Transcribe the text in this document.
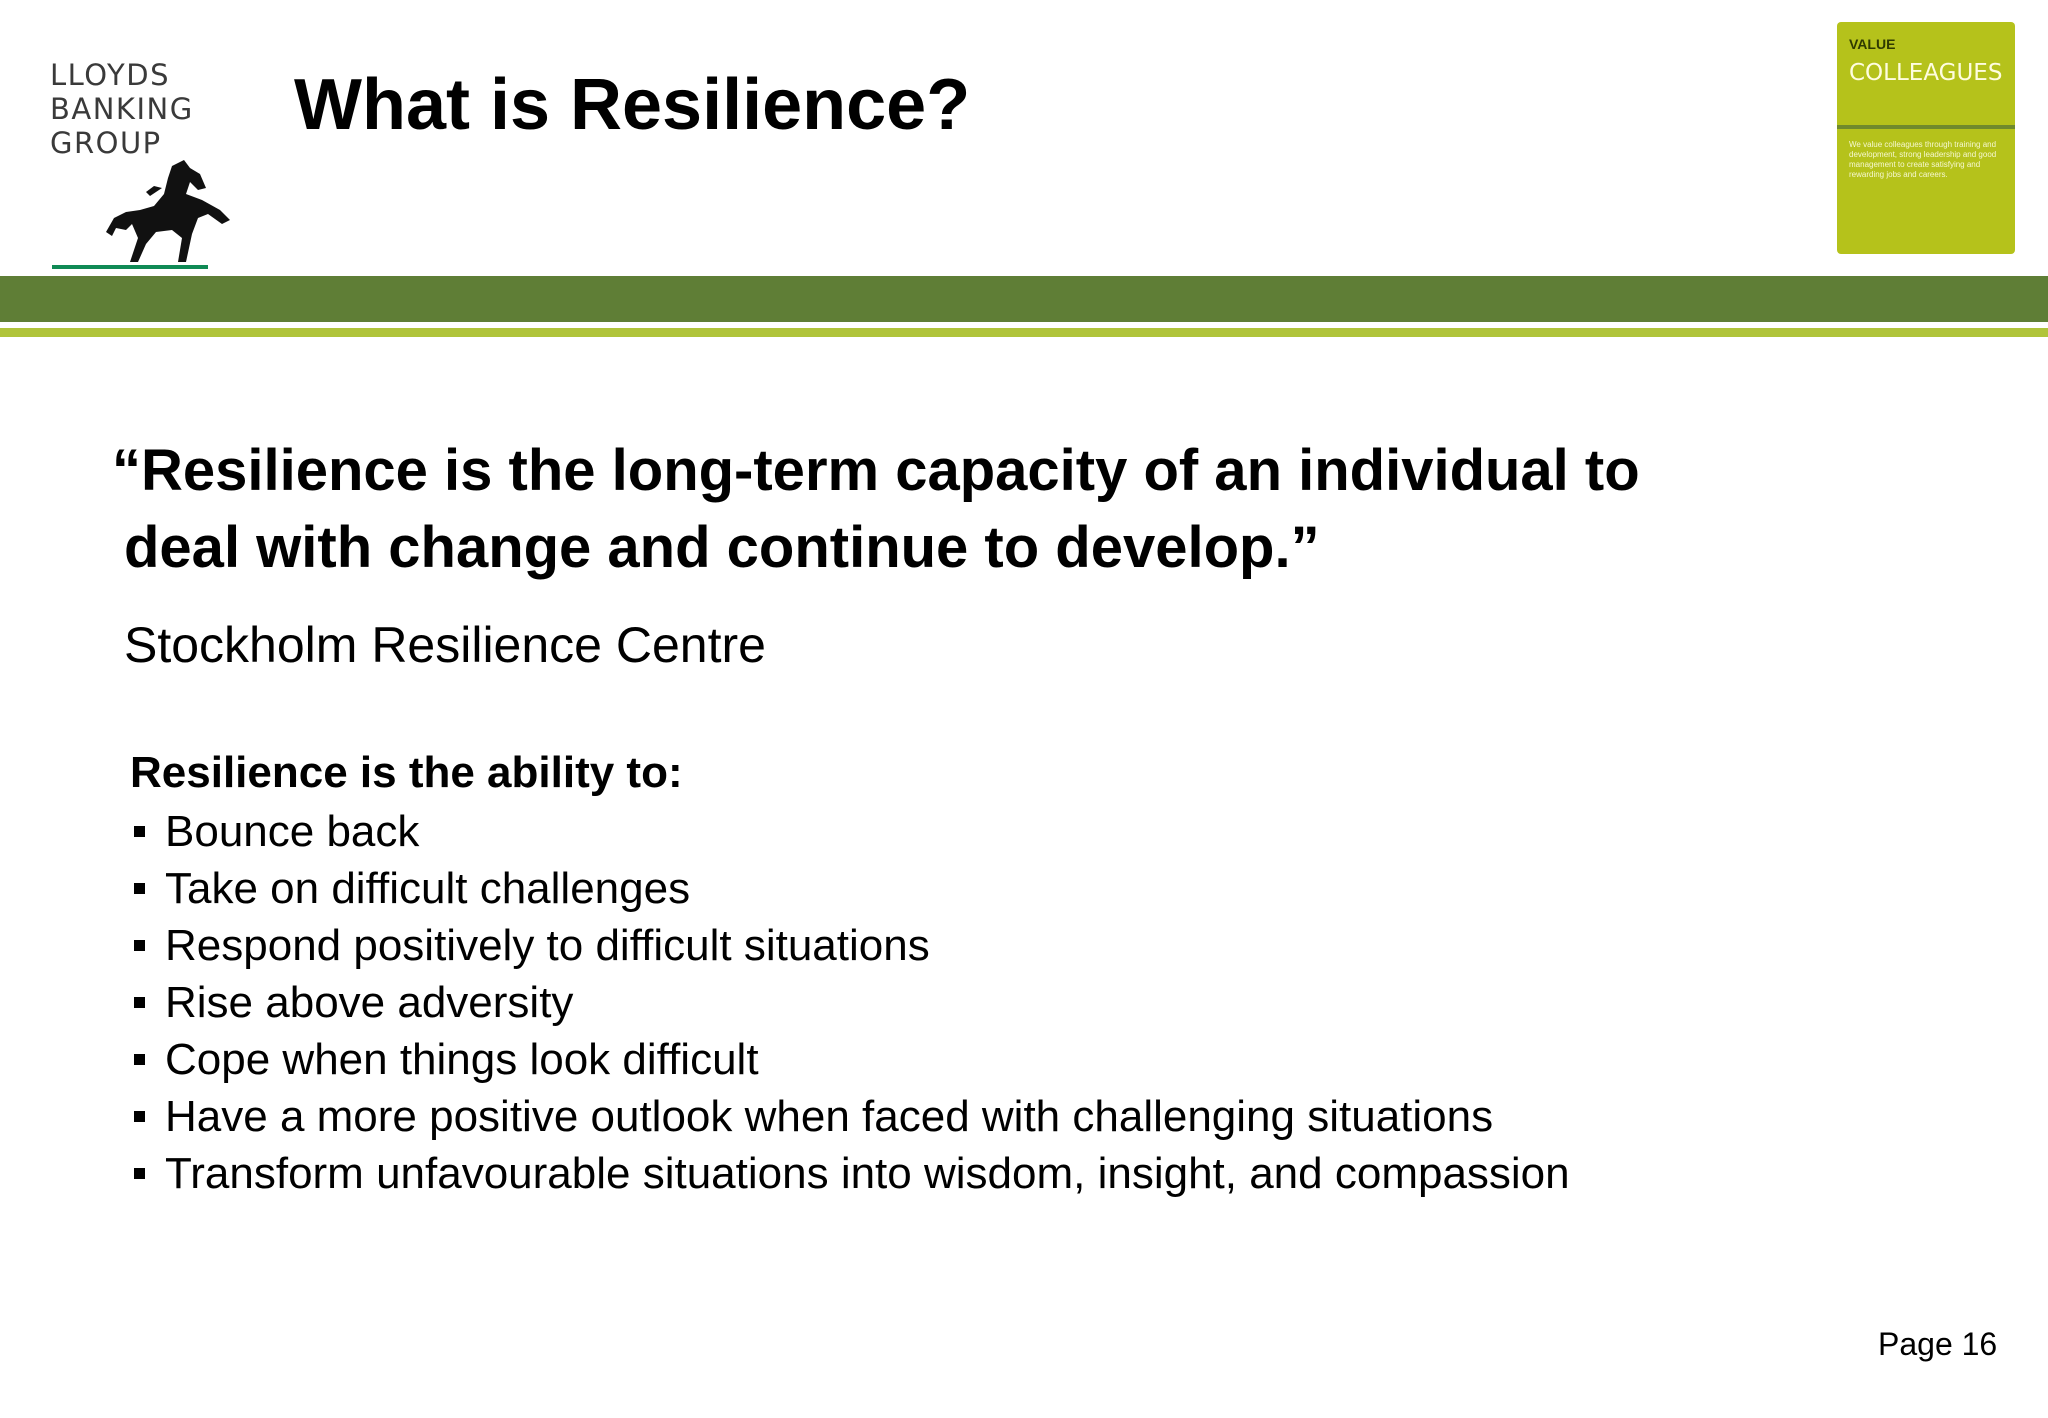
LLOYDS
BANKING
GROUP	What is Resilience?
VALUE
COLLEAGUES
We value colleagues through training and development, strong leadership and good management to create satisfying and rewarding jobs and careers.
“Resilience is the long-term capacity of an individual to
deal with change and continue to develop.”

Stockholm Resilience Centre

Resilience is the ability to:

Bounce back
Take on difficult challenges
Respond positively to difficult situations
Rise above adversity
Cope when things look difficult
Have a more positive outlook when faced with challenging situations
Transform unfavourable situations into wisdom, insight, and compassion

Page 16
